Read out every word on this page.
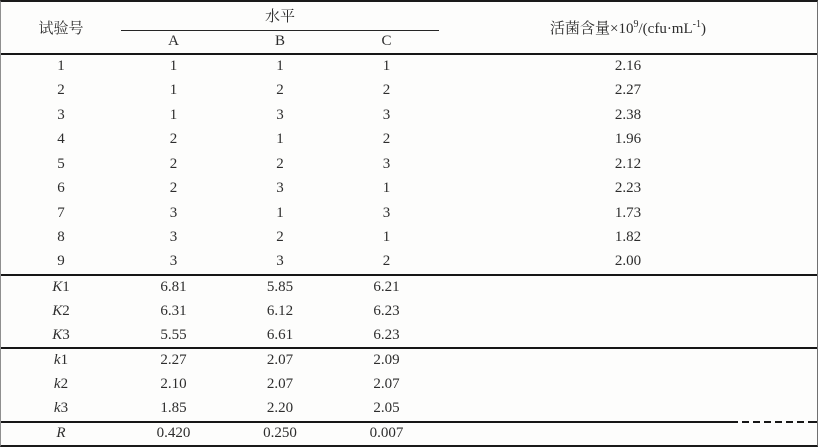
试验号	水平			活菌含量$\times 10^9/(cfu\cdot mL^{-1})$
	A	B	C	
1	1	1	1	2.16
2	1	2	2	2.27
3	1	3	3	2.38
4	2	1	2	1.96
5	2	2	3	2.12
6	2	3	1	2.23
7	3	1	3	1.73
8	3	2	1	1.82
9	3	3	2	2.00
K1	6.81	5.85	6.21	
K2	6.31	6.12	6.23	
K3	5.55	6.61	6.23	
k1	2.27	2.07	2.09	
k2	2.10	2.07	2.07	
k3	1.85	2.20	2.05	
R	0.420	0.250	0.007	
